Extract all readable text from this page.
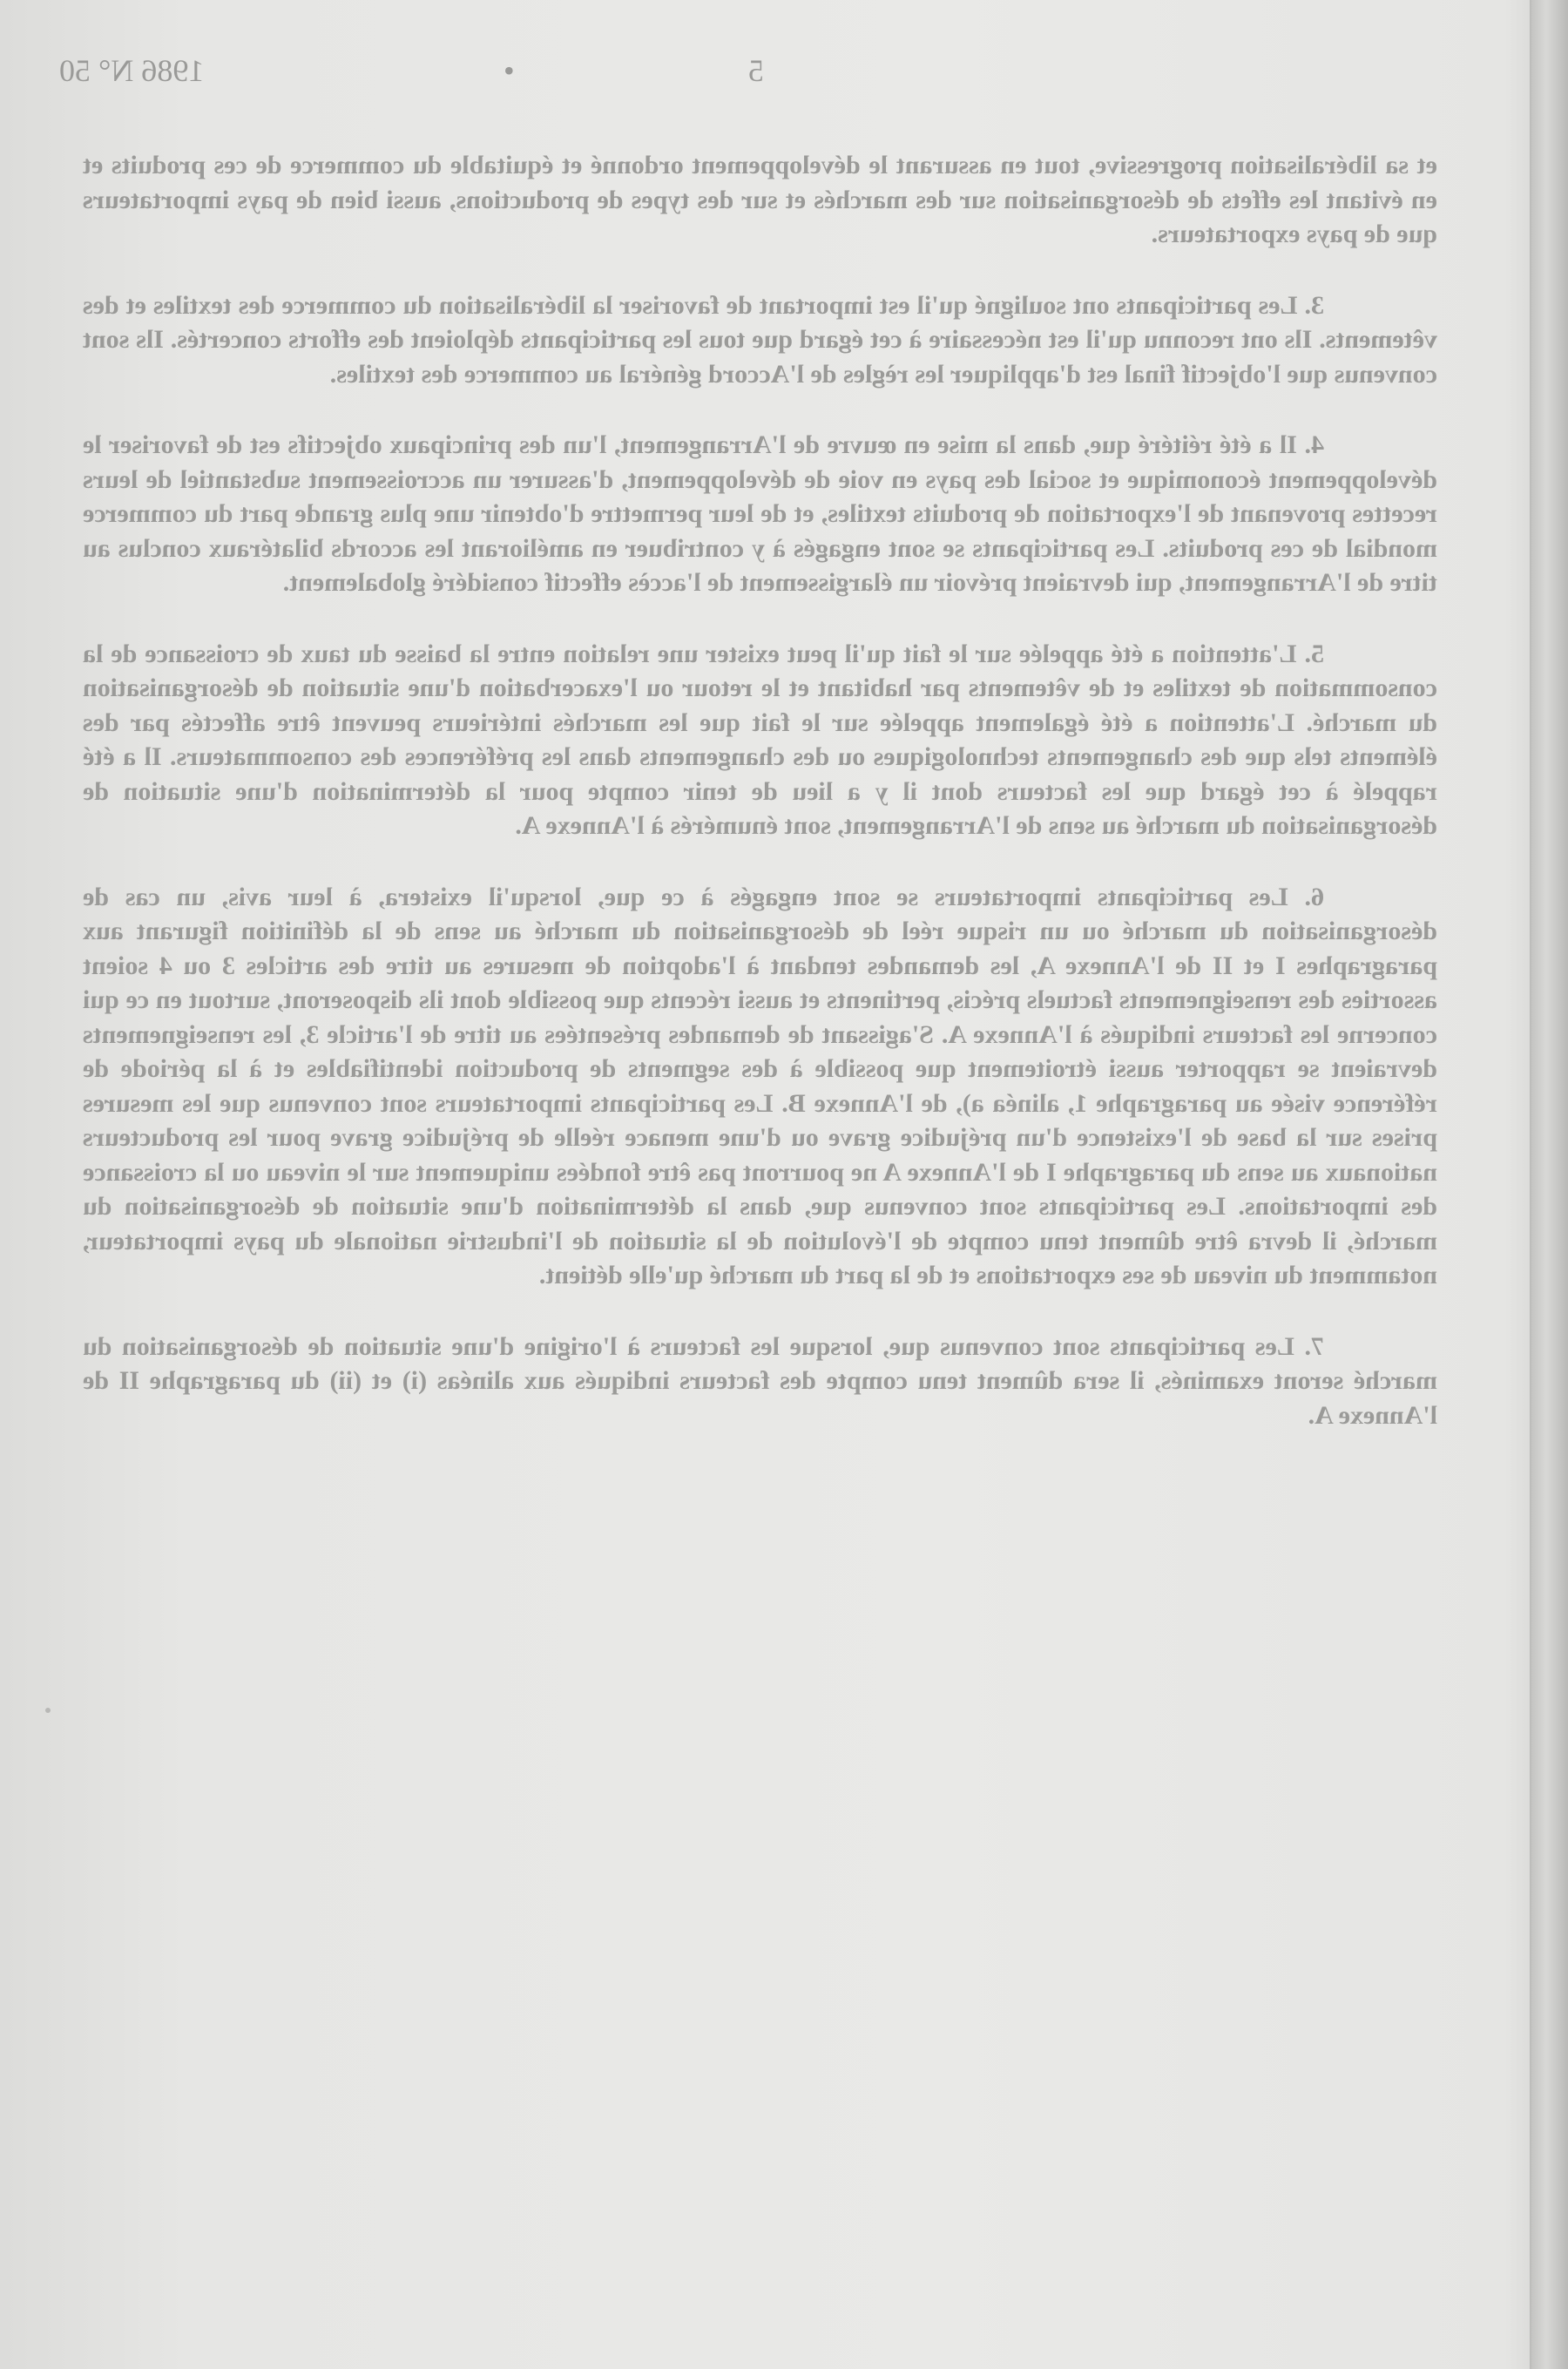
1986 N° 50	5
•

et sa libéralisation progressive, tout en assurant le développement ordonné et équitable du commerce de ces produits et en évitant les effets de désorganisation sur des marchés et sur des types de productions, aussi bien de pays importateurs que de pays exportateurs.

3. Les participants ont souligné qu'il est important de favoriser la libéralisation du commerce des textiles et des vêtements. Ils ont reconnu qu'il est nécessaire à cet égard que tous les participants déploient des efforts concertés. Ils sont convenus que l'objectif final est d'appliquer les règles de l'Accord général au commerce des textiles.

4. Il a été réitéré que, dans la mise en œuvre de l'Arrangement, l'un des principaux objectifs est de favoriser le développement économique et social des pays en voie de développement, d'assurer un accroissement substantiel de leurs recettes provenant de l'exportation de produits textiles, et de leur permettre d'obtenir une plus grande part du commerce mondial de ces produits. Les participants se sont engagés à y contribuer en améliorant les accords bilatéraux conclus au titre de l'Arrangement, qui devraient prévoir un élargissement de l'accès effectif considéré globalement.

5. L'attention a été appelée sur le fait qu'il peut exister une relation entre la baisse du taux de croissance de la consommation de textiles et de vêtements par habitant et le retour ou l'exacerbation d'une situation de désorganisation du marché. L'attention a été également appelée sur le fait que les marchés intérieurs peuvent être affectés par des éléments tels que des changements technologiques ou des changements dans les préférences des consommateurs. Il a été rappelé à cet égard que les facteurs dont il y a lieu de tenir compte pour la détermination d'une situation de désorganisation du marché au sens de l'Arrangement, sont énumérés à l'Annexe A.

6. Les participants importateurs se sont engagés à ce que, lorsqu'il existera, à leur avis, un cas de désorganisation du marché ou un risque réel de désorganisation du marché au sens de la définition figurant aux paragraphes I et II de l'Annexe A, les demandes tendant à l'adoption de mesures au titre des articles 3 ou 4 soient assorties des renseignements factuels précis, pertinents et aussi récents que possible dont ils disposeront, surtout en ce qui concerne les facteurs indiqués à l'Annexe A. S'agissant de demandes présentées au titre de l'article 3, les renseignements devraient se rapporter aussi étroitement que possible à des segments de production identifiables et à la période de référence visée au paragraphe 1, alinéa a), de l'Annexe B. Les participants importateurs sont convenus que les mesures prises sur la base de l'existence d'un préjudice grave ou d'une menace réelle de préjudice grave pour les producteurs nationaux au sens du paragraphe I de l'Annexe A ne pourront pas être fondées uniquement sur le niveau ou la croissance des importations. Les participants sont convenus que, dans la détermination d'une situation de désorganisation du marché, il devra être dûment tenu compte de l'évolution de la situation de l'industrie nationale du pays importateur, notamment du niveau de ses exportations et de la part du marché qu'elle détient.

7. Les participants sont convenus que, lorsque les facteurs à l'origine d'une situation de désorganisation du marché seront examinés, il sera dûment tenu compte des facteurs indiqués aux alinéas (i) et (ii) du paragraphe II de l'Annexe A.
